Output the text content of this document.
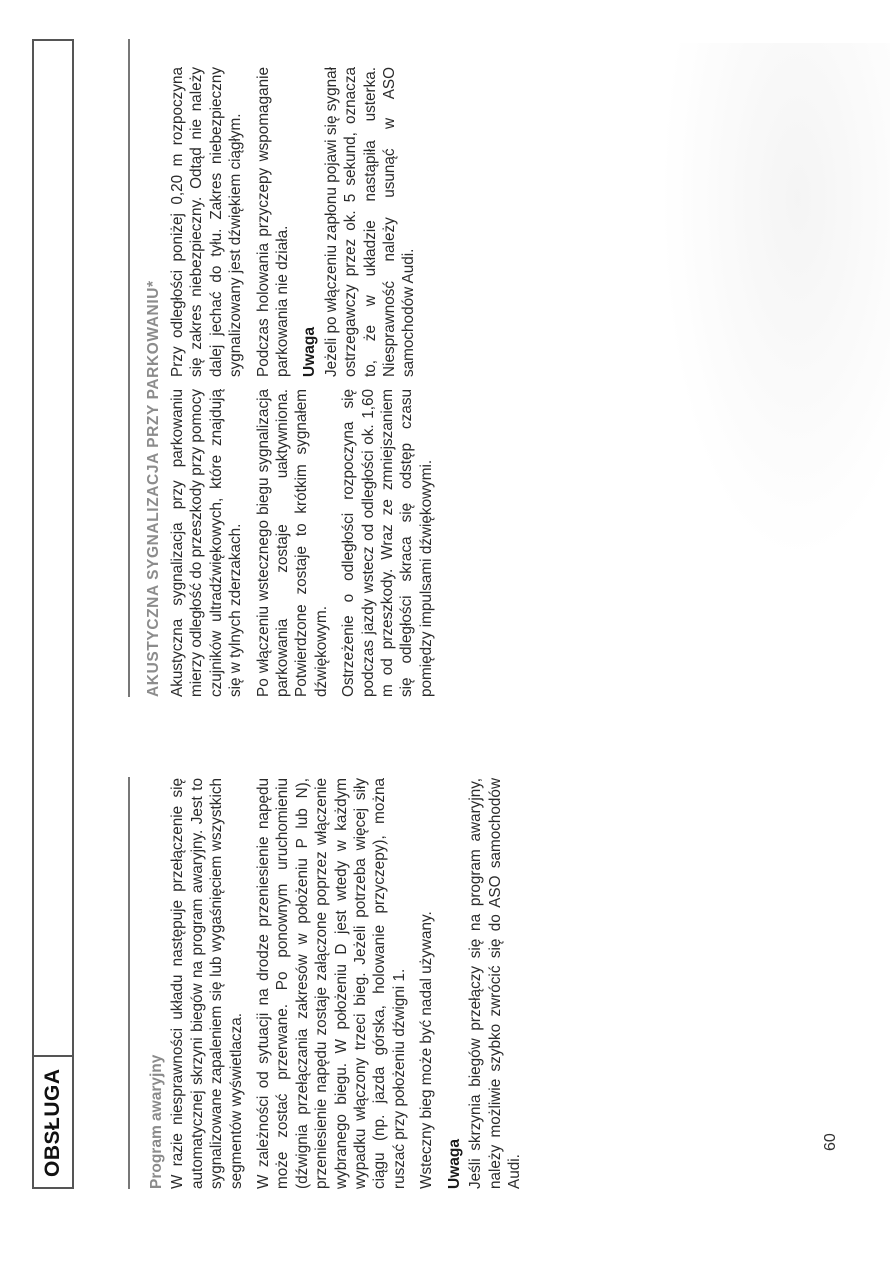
OBSŁUGA	Program awaryjny W razie niesprawności układu następuje przełączenie się automatycznej skrzyni biegów na program awaryjny. Jest to sygnalizowane zapaleniem się lub wygaśnięciem wszystkich segmentów wyświetlacza. W zależności od sytuacji na drodze przeniesienie napędu może zostać przerwane. Po ponownym uruchomieniu (dźwignia przełączania zakresów w położeniu P lub N), przeniesienie napędu zostaje załączone poprzez włączenie wybranego biegu. W położeniu D jest wtedy w każdym wypadku włączony trzeci bieg. Jeżeli potrzeba więcej siły ciągu (np. jazda górska, holowanie przyczepy), można ruszać przy położeniu dźwigni 1. Wsteczny bieg może być nadal używany. Uwaga Jeśli skrzynia biegów przełączy się na program awaryjny, należy możliwie szybko zwrócić się do ASO samochodów Audi.

AKUSTYCZNA SYGNALIZACJA PRZY PARKOWANIU* Akustyczna sygnalizacja przy parkowaniu mierzy odległość do przeszkody przy pomocy czujników ultradźwiękowych, które znajdują się w tylnych zderzakach. Po włączeniu wstecznego biegu sygnalizacja parkowania zostaje uaktywniona. Potwierdzone zostaje to krótkim sygnałem dźwiękowym. Ostrzeżenie o odległości rozpoczyna się podczas jazdy wstecz od odległości ok. 1,60 m od przeszkody. Wraz ze zmniejszaniem się odległości skraca się odstęp czasu pomiędzy impulsami dźwiękowymi.

Przy odległości poniżej 0,20 m rozpoczyna się zakres niebezpieczny. Odtąd nie należy dalej jechać do tyłu. Zakres niebezpieczny sygnalizowany jest dźwiękiem ciągłym. Podczas holowania przyczepy wspomaganie parkowania nie działa. Uwaga Jeżeli po włączeniu zapłonu pojawi się sygnał ostrzegawczy przez ok. 5 sekund, oznacza to, że w układzie nastąpiła usterka. Niesprawność należy usunąć w ASO samochodów Audi.

60
